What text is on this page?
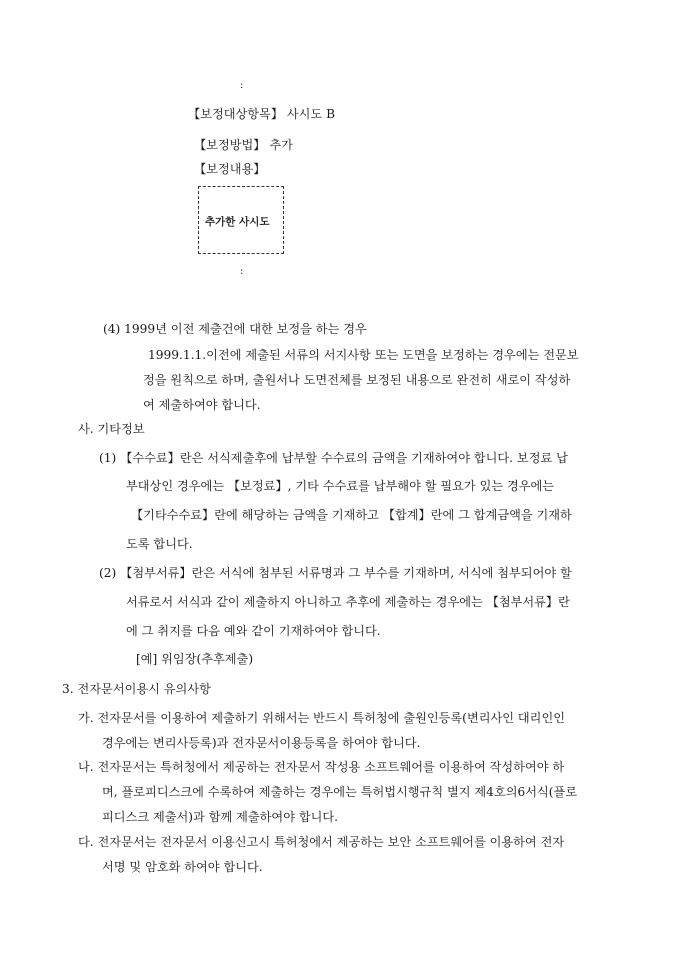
:
【보정대상항목】 사시도 B
【보정방법】 추가
【보정내용】
추가한 사시도
:
(4) 1999년 이전 제출건에 대한 보정을 하는 경우
1999.1.1.이전에 제출된 서류의 서지사항 또는 도면을 보정하는 경우에는 전문보
정을 원칙으로 하며, 출원서나 도면전체를 보정된 내용으로 완전히 새로이 작성하
여 제출하여야 합니다.
사. 기타정보
(1) 【수수료】란은 서식제출후에 납부할 수수료의 금액을 기재하여야 합니다. 보정료 납
부대상인 경우에는 【보정료】, 기타 수수료를 납부해야 할 필요가 있는 경우에는
【기타수수료】란에 해당하는 금액을 기재하고 【합계】란에 그 합계금액을 기재하
도록 합니다.
(2) 【첨부서류】란은 서식에 첨부된 서류명과 그 부수를 기재하며, 서식에 첨부되어야 할
서류로서 서식과 같이 제출하지 아니하고 추후에 제출하는 경우에는 【첨부서류】란
에 그 취지를 다음 예와 같이 기재하여야 합니다.
[예] 위임장(추후제출)
3. 전자문서이용시 유의사항
가. 전자문서를 이용하여 제출하기 위해서는 반드시 특허청에 출원인등록(변리사인 대리인인
경우에는 변리사등록)과 전자문서이용등록을 하여야 합니다.
나. 전자문서는 특허청에서 제공하는 전자문서 작성용 소프트웨어를 이용하여 작성하여야 하
며, 플로피디스크에 수록하여 제출하는 경우에는 특허법시행규칙 별지 제4호의6서식(플로
피디스크 제출서)과 함께 제출하여야 합니다.
다. 전자문서는 전자문서 이용신고시 특허청에서 제공하는 보안 소프트웨어를 이용하여 전자
서명 및 암호화 하여야 합니다.
